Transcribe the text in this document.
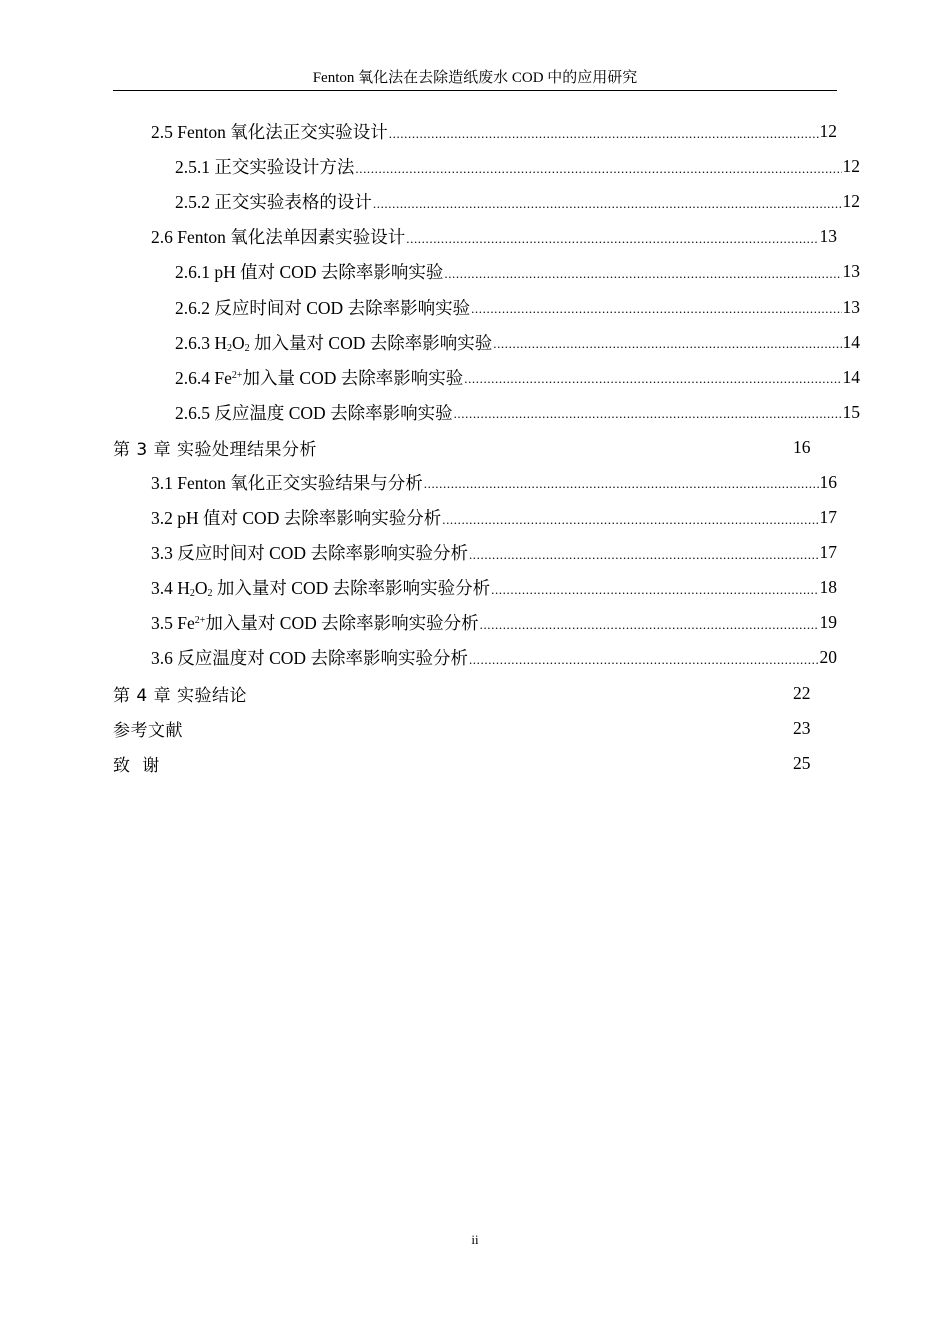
Fenton 氧化法在去除造纸废水 COD 中的应用研究
2.5 Fenton 氧化法正交实验设计 .....	12
2.5.1 正交实验设计方法 .....	12
2.5.2 正交实验表格的设计 .....	12
2.6 Fenton 氧化法单因素实验设计 .....	13
2.6.1 pH 值对 COD 去除率影响实验 .....	13
2.6.2 反应时间对 COD 去除率影响实验 .....	13
2.6.3 $H_2O_2$ 加入量对 COD 去除率影响实验 .....	14
2.6.4 $Fe^{2+}$加入量 COD 去除率影响实验 .....	14
2.6.5 反应温度 COD 去除率影响实验 .....	15
第 3 章 实验处理结果分析	16
3.1 Fenton 氧化正交实验结果与分析 .....	16
3.2 pH 值对 COD 去除率影响实验分析 .....	17
3.3 反应时间对 COD 去除率影响实验分析 .....	17
3.4 $H_2O_2$ 加入量对 COD 去除率影响实验分析 .....	18
3.5 $Fe^{2+}$加入量对 COD 去除率影响实验分析 .....	19
3.6 反应温度对 COD 去除率影响实验分析 .....	20
第 4 章 实验结论	22
参考文献	23
致  谢	25
ii
